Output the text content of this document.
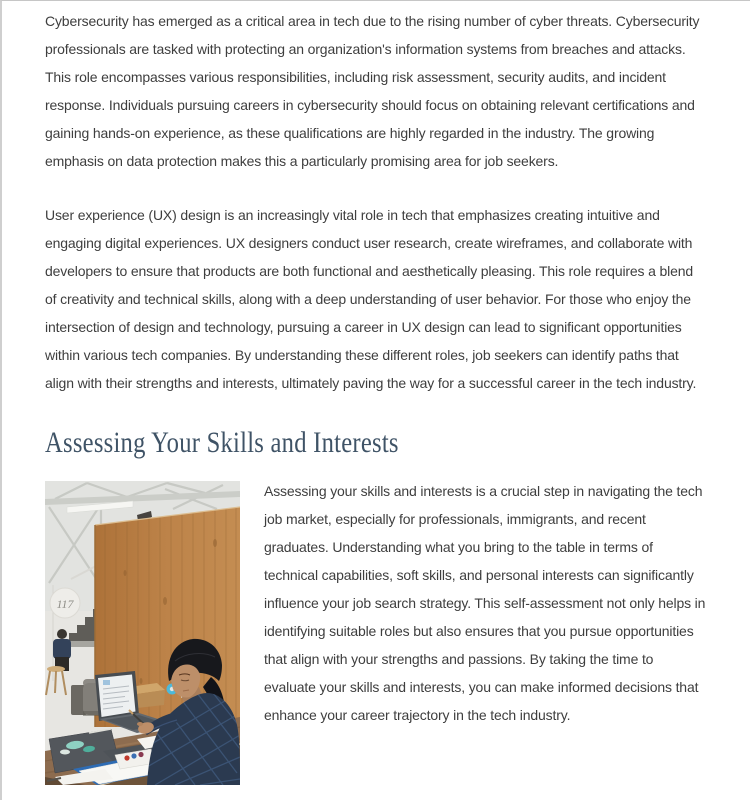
Cybersecurity has emerged as a critical area in tech due to the rising number of cyber threats. Cybersecurity professionals are tasked with protecting an organization's information systems from breaches and attacks. This role encompasses various responsibilities, including risk assessment, security audits, and incident response. Individuals pursuing careers in cybersecurity should focus on obtaining relevant certifications and gaining hands-on experience, as these qualifications are highly regarded in the industry. The growing emphasis on data protection makes this a particularly promising area for job seekers.

User experience (UX) design is an increasingly vital role in tech that emphasizes creating intuitive and engaging digital experiences. UX designers conduct user research, create wireframes, and collaborate with developers to ensure that products are both functional and aesthetically pleasing. This role requires a blend of creativity and technical skills, along with a deep understanding of user behavior. For those who enjoy the intersection of design and technology, pursuing a career in UX design can lead to significant opportunities within various tech companies. By understanding these different roles, job seekers can identify paths that align with their strengths and interests, ultimately paving the way for a successful career in the tech industry.

Assessing Your Skills and Interests
117

Assessing your skills and interests is a crucial step in navigating the tech job market, especially for professionals, immigrants, and recent graduates. Understanding what you bring to the table in terms of technical capabilities, soft skills, and personal interests can significantly influence your job search strategy. This self-assessment not only helps in identifying suitable roles but also ensures that you pursue opportunities that align with your strengths and passions. By taking the time to evaluate your skills and interests, you can make informed decisions that enhance your career trajectory in the tech industry.
